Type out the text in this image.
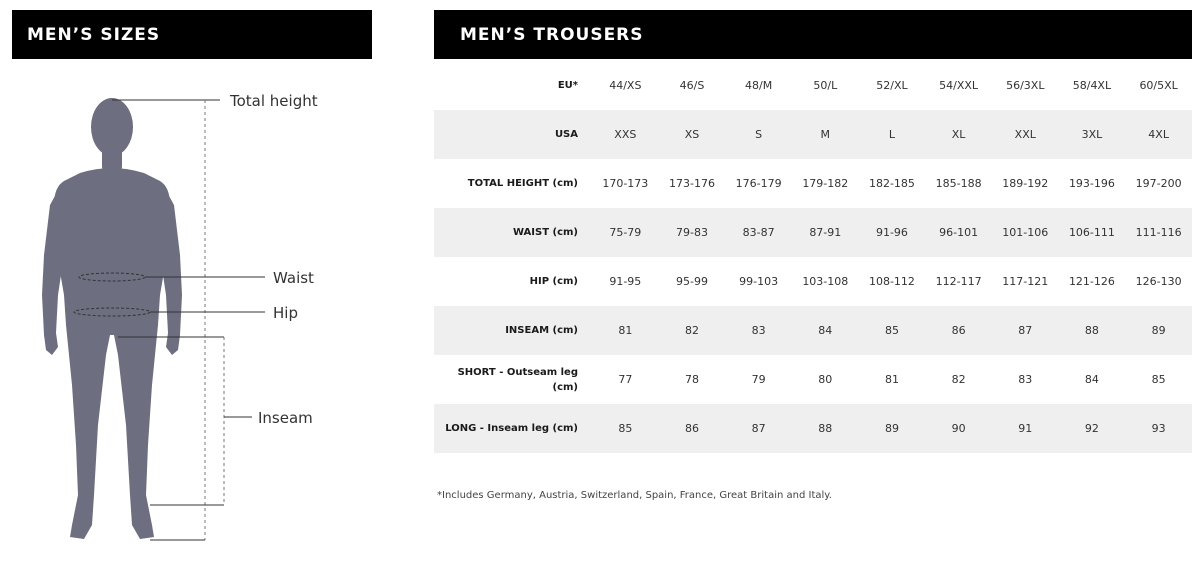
MEN’S SIZES	MEN’S TROUSERS
Total height
Waist
Hip
Inseam
EU*	44/XS	46/S	48/M	50/L	52/XL	54/XXL	56/3XL	58/4XL	60/5XL
USA	XXS	XS	S	M	L	XL	XXL	3XL	4XL
TOTAL HEIGHT (cm)	170-173	173-176	176-179	179-182	182-185	185-188	189-192	193-196	197-200
WAIST (cm)	75-79	79-83	83-87	87-91	91-96	96-101	101-106	106-111	111-116
HIP (cm)	91-95	95-99	99-103	103-108	108-112	112-117	117-121	121-126	126-130
INSEAM (cm)	81	82	83	84	85	86	87	88	89
SHORT - Outseam leg (cm)	77	78	79	80	81	82	83	84	85
LONG - Inseam leg (cm)	85	86	87	88	89	90	91	92	93
*Includes Germany, Austria, Switzerland, Spain, France, Great Britain and Italy.
